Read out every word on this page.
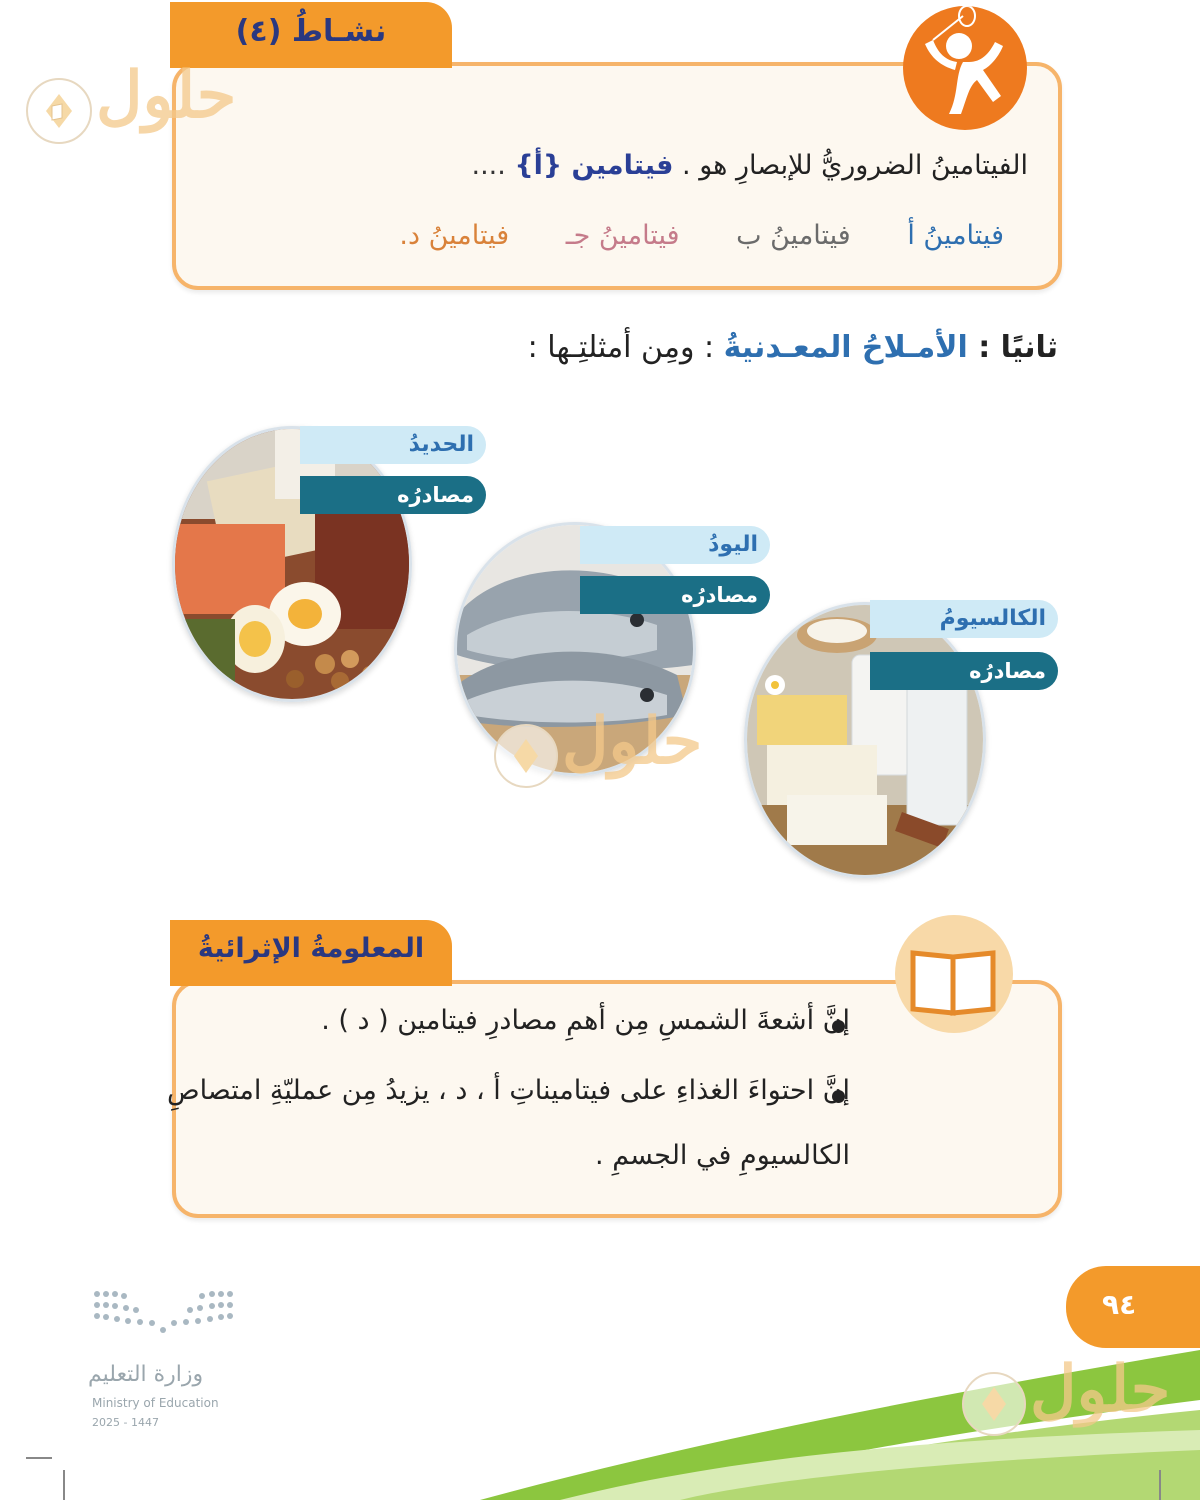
نشـاطُ (٤)
الفيتامينُ الضروريُّ للإبصارِ هو . فيتامين {أ} ....
فيتامينُ أ فيتامينُ ب فيتامينُ جـ فيتامينُ د.
حلول
ثانيًا : الأمـلاحُ المعـدنيةُ : ومِن أمثلتِـها :
الحديدُ
مصادرُه
اليودُ
مصادرُه
حلول
الكالسيومُ
مصادرُه
المعلومةُ الإثرائيةُ
إنَّ أشعةَ الشمسِ مِن أهمِ مصادرِ فيتامين ( د ) .
إنَّ احتواءَ الغذاءِ على فيتاميناتِ أ ، د ، يزيدُ مِن عمليّةِ امتصاصِ
الكالسيومِ في الجسمِ .
٩٤
حلول
وزارة التعليم
Ministry of Education
2025 - 1447
